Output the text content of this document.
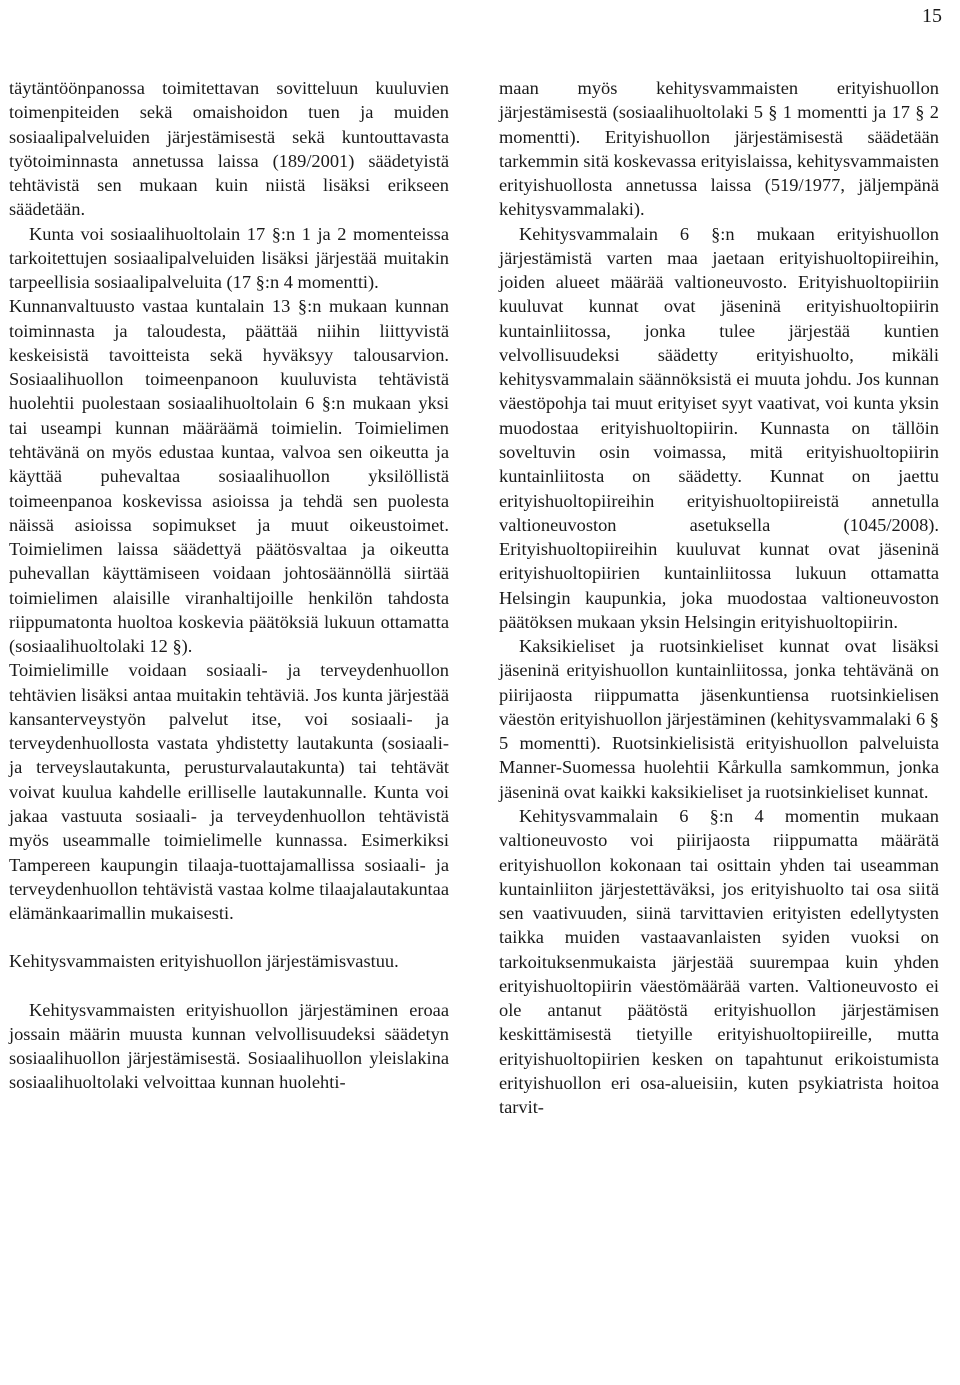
15

täytäntöönpanossa toimitettavan sovitteluun kuuluvien toimenpiteiden sekä omaishoidon tuen ja muiden sosiaalipalveluiden järjestämisestä sekä kuntouttavasta työtoiminnasta annetussa laissa (189/2001) säädetyistä tehtävistä sen mukaan kuin niistä lisäksi erikseen säädetään.

Kunta voi sosiaalihuoltolain 17 §:n 1 ja 2 momenteissa tarkoitettujen sosiaalipalveluiden lisäksi järjestää muitakin tarpeellisia sosiaalipalveluita (17 §:n 4 momentti).

Kunnanvaltuusto vastaa kuntalain 13 §:n mukaan kunnan toiminnasta ja taloudesta, päättää niihin liittyvistä keskeisistä tavoitteista sekä hyväksyy talousarvion. Sosiaalihuollon toimeenpanoon kuuluvista tehtävistä huolehtii puolestaan sosiaalihuoltolain 6 §:n mukaan yksi tai useampi kunnan määräämä toimielin. Toimielimen tehtävänä on myös edustaa kuntaa, valvoa sen oikeutta ja käyttää puhevaltaa sosiaalihuollon yksilöllistä toimeenpanoa koskevissa asioissa ja tehdä sen puolesta näissä asioissa sopimukset ja muut oikeustoimet. Toimielimen laissa säädettyä päätösvaltaa ja oikeutta puhevallan käyttämiseen voidaan johtosäännöllä siirtää toimielimen alaisille viranhaltijoille henkilön tahdosta riippumatonta huoltoa koskevia päätöksiä lukuun ottamatta (sosiaalihuoltolaki 12 §).

Toimielimille voidaan sosiaali- ja terveydenhuollon tehtävien lisäksi antaa muitakin tehtäviä. Jos kunta järjestää kansanterveystyön palvelut itse, voi sosiaali- ja terveydenhuollosta vastata yhdistetty lautakunta (sosiaali- ja terveyslautakunta, perusturvalautakunta) tai tehtävät voivat kuulua kahdelle erilliselle lautakunnalle. Kunta voi jakaa vastuuta sosiaali- ja terveydenhuollon tehtävistä myös useammalle toimielimelle kunnassa. Esimerkiksi Tampereen kaupungin tilaaja-tuottajamallissa sosiaali- ja terveydenhuollon tehtävistä vastaa kolme tilaajalautakuntaa elämänkaarimallin mukaisesti.

Kehitysvammaisten erityishuollon järjestämisvastuu.

Kehitysvammaisten erityishuollon järjestäminen eroaa jossain määrin muusta kunnan velvollisuudeksi säädetyn sosiaalihuollon järjestämisestä. Sosiaalihuollon yleislakina sosiaalihuoltolaki velvoittaa kunnan huolehti-

maan myös kehitysvammaisten erityishuollon järjestämisestä (sosiaalihuoltolaki 5 § 1 momentti ja 17 § 2 momentti). Erityishuollon järjestämisestä säädetään tarkemmin sitä koskevassa erityislaissa, kehitysvammaisten erityishuollosta annetussa laissa (519/1977, jäljempänä kehitysvammalaki).

Kehitysvammalain 6 §:n mukaan erityishuollon järjestämistä varten maa jaetaan erityishuoltopiireihin, joiden alueet määrää valtioneuvosto. Erityishuoltopiiriin kuuluvat kunnat ovat jäseninä erityishuoltopiirin kuntainliitossa, jonka tulee järjestää kuntien velvollisuudeksi säädetty erityishuolto, mikäli kehitysvammalain säännöksistä ei muuta johdu. Jos kunnan väestöpohja tai muut erityiset syyt vaativat, voi kunta yksin muodostaa erityishuoltopiirin. Kunnasta on tällöin soveltuvin osin voimassa, mitä erityishuoltopiirin kuntainliitosta on säädetty. Kunnat on jaettu erityishuoltopiireihin erityishuoltopiireistä annetulla valtioneuvoston asetuksella (1045/2008). Erityishuoltopiireihin kuuluvat kunnat ovat jäseninä erityishuoltopiirien kuntainliitossa lukuun ottamatta Helsingin kaupunkia, joka muodostaa valtioneuvoston päätöksen mukaan yksin Helsingin erityishuoltopiirin.

Kaksikieliset ja ruotsinkieliset kunnat ovat lisäksi jäseninä erityishuollon kuntainliitossa, jonka tehtävänä on piirijaosta riippumatta jäsenkuntiensa ruotsinkielisen väestön erityishuollon järjestäminen (kehitysvammalaki 6 § 5 momentti). Ruotsinkielisistä erityishuollon palveluista Manner-Suomessa huolehtii Kårkulla samkommun, jonka jäseninä ovat kaikki kaksikieliset ja ruotsinkieliset kunnat.

Kehitysvammalain 6 §:n 4 momentin mukaan valtioneuvosto voi piirijaosta riippumatta määrätä erityishuollon kokonaan tai osittain yhden tai useamman kuntainliiton järjestettäväksi, jos erityishuolto tai osa siitä sen vaativuuden, siinä tarvittavien erityisten edellytysten taikka muiden vastaavanlaisten syiden vuoksi on tarkoituksenmukaista järjestää suurempaa kuin yhden erityishuoltopiirin väestömäärää varten. Valtioneuvosto ei ole antanut päätöstä erityishuollon järjestämisen keskittämisestä tietyille erityishuoltopiireille, mutta erityishuoltopiirien kesken on tapahtunut erikoistumista erityishuollon eri osa-alueisiin, kuten psykiatrista hoitoa tarvit-
